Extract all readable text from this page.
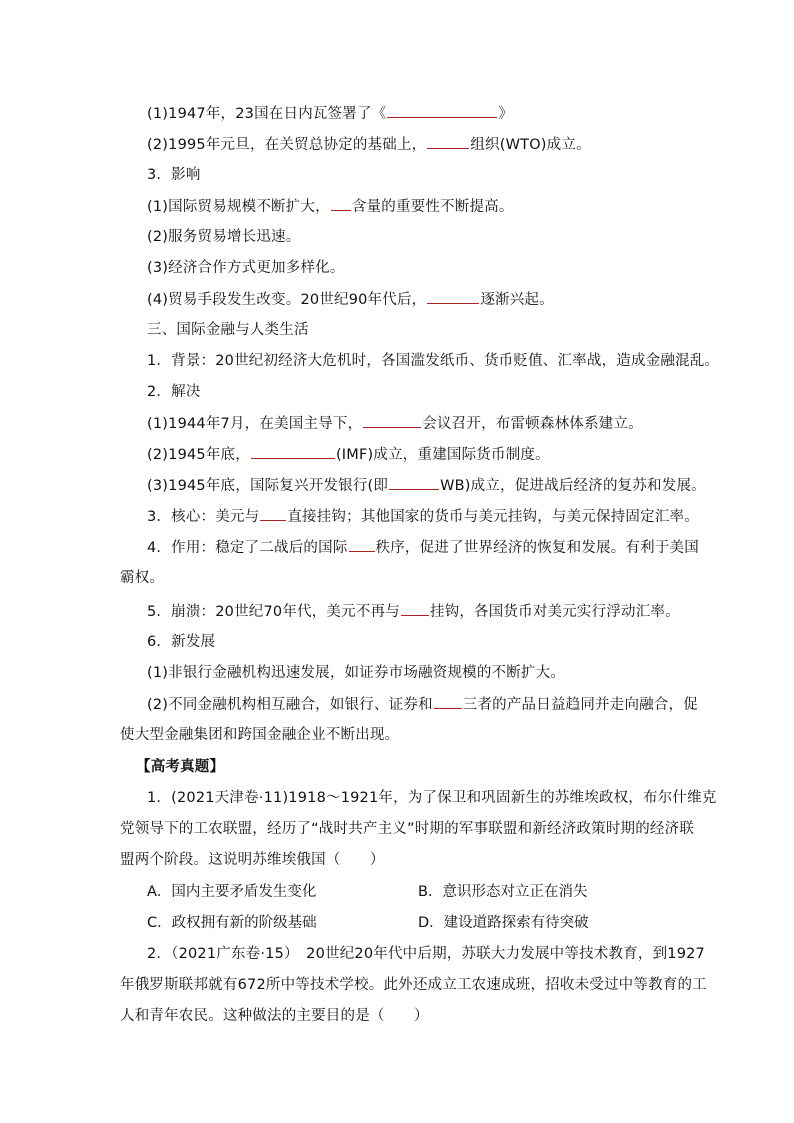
(1)1947年，23国在日内瓦签署了《	》
(2)1995年元旦，在关贸总协定的基础上，	组织(WTO)成立。
3．影响
(1)国际贸易规模不断扩大， 含量的重要性不断提高。
(2)服务贸易增长迅速。
(3)经济合作方式更加多样化。
(4)贸易手段发生改变。20世纪90年代后，	逐渐兴起。
三、国际金融与人类生活
1．背景：20世纪初经济大危机时，各国滥发纸币、货币贬值、汇率战，造成金融混乱。
2．解决
(1)1944年7月，在美国主导下，	会议召开，布雷顿森林体系建立。
(2)1945年底，	(IMF)成立，重建国际货币制度。
(3)1945年底，国际复兴开发银行(即	WB)成立，促进战后经济的复苏和发展。
3．核心：美元与 直接挂钩；其他国家的货币与美元挂钩，与美元保持固定汇率。
4．作用：稳定了二战后的国际 秩序，促进了世界经济的恢复和发展。有利于美国
霸权。
5．崩溃：20世纪70年代，美元不再与 挂钩，各国货币对美元实行浮动汇率。
6．新发展
(1)非银行金融机构迅速发展，如证券市场融资规模的不断扩大。
(2)不同金融机构相互融合，如银行、证券和 三者的产品日益趋同并走向融合，促
使大型金融集团和跨国金融企业不断出现。
【高考真题】
1．(2021天津卷·11)1918～1921年，为了保卫和巩固新生的苏维埃政权，布尔什维克
党领导下的工农联盟，经历了“战时共产主义”时期的军事联盟和新经济政策时期的经济联
盟两个阶段。这说明苏维埃俄国（　　）
A．国内主要矛盾发生变化	B．意识形态对立正在消失
C．政权拥有新的阶级基础	D．建设道路探索有待突破
2．（2021广东卷·15）　20世纪20年代中后期，苏联大力发展中等技术教育，到1927
年俄罗斯联邦就有672所中等技术学校。此外还成立工农速成班，招收未受过中等教育的工
人和青年农民。这种做法的主要目的是（　　）
